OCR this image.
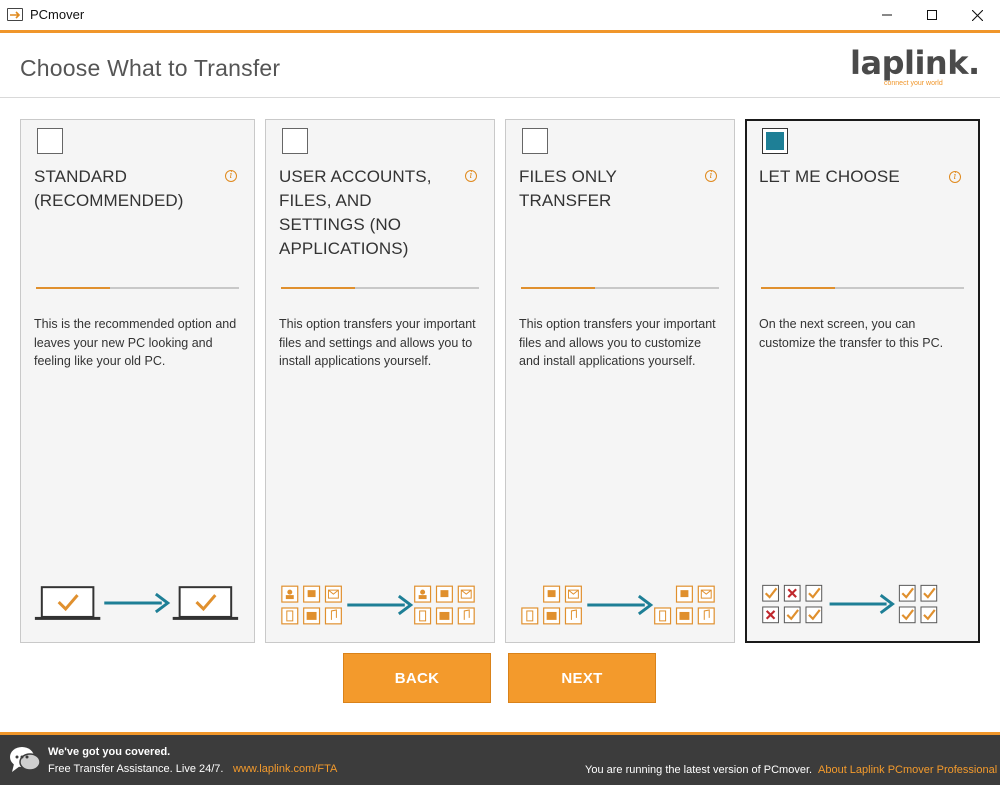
PCmover
Choose What to Transfer	laplink.
connect your world
i
STANDARD (RECOMMENDED)
This is the recommended option and leaves your new PC looking and feeling like your old PC.
i
USER ACCOUNTS, FILES, AND SETTINGS (NO APPLICATIONS)
This option transfers your important files and settings and allows you to install applications yourself.
i
FILES ONLY TRANSFER
This option transfers your important files and allows you to customize and install applications yourself.
i
LET ME CHOOSE
On the next screen, you can customize the transfer to this PC.
BACK	NEXT
We've got you covered.
Free Transfer Assistance. Live 24/7. www.laplink.com/FTA	You are running the latest version of PCmover. About Laplink PCmover Professional
